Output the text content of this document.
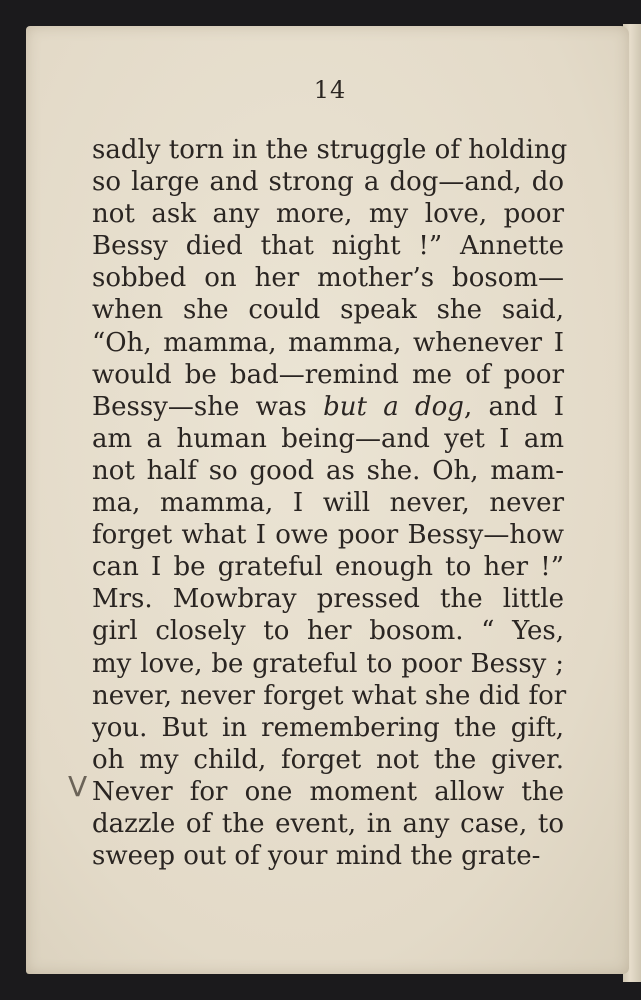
14
V
sadly torn in the struggle of holding
so large and strong a dog—and, do
not ask any more, my love, poor
Bessy died that night !” Annette
sobbed on her mother’s bosom—
when she could speak she said,
“Oh, mamma, mamma, whenever I
would be bad—remind me of poor
Bessy—she was but a dog, and I
am a human being—and yet I am
not half so good as she. Oh, mam-
ma, mamma, I will never, never
forget what I owe poor Bessy—how
can I be grateful enough to her !”
Mrs. Mowbray pressed the little
girl closely to her bosom. “ Yes,
my love, be grateful to poor Bessy ;
never, never forget what she did for
you. But in remembering the gift,
oh my child, forget not the giver.
Never for one moment allow the
dazzle of the event, in any case, to
sweep out of your mind the grate-
